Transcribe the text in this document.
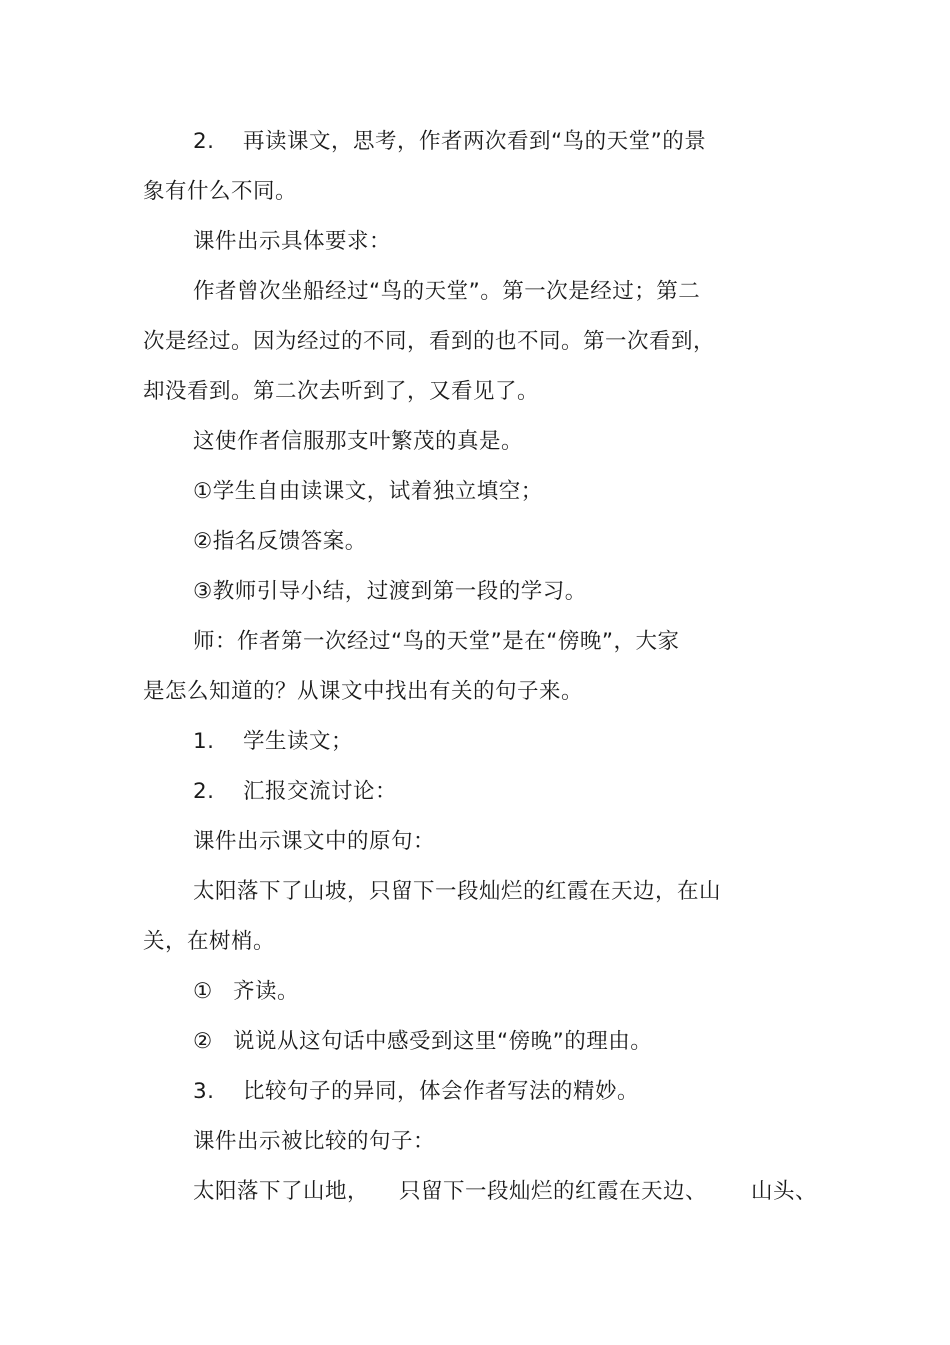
2. 再读课文，思考，作者两次看到“鸟的天堂”的景
象有什么不同。
课件出示具体要求：
作者曾次坐船经过“鸟的天堂”。第一次是经过；第二
次是经过。因为经过的不同，看到的也不同。第一次看到，
却没看到。第二次去听到了，又看见了。
这使作者信服那支叶繁茂的真是。
①学生自由读课文，试着独立填空；
②指名反馈答案。
③教师引导小结，过渡到第一段的学习。
师：作者第一次经过“鸟的天堂”是在“傍晚”，大家
是怎么知道的？从课文中找出有关的句子来。
1. 学生读文；
2. 汇报交流讨论：
课件出示课文中的原句：
太阳落下了山坡，只留下一段灿烂的红霞在天边，在山
关，在树梢。
① 齐读。
② 说说从这句话中感受到这里“傍晚”的理由。
3. 比较句子的异同，体会作者写法的精妙。
课件出示被比较的句子：
太阳落下了山地， 只留下一段灿烂的红霞在天边、 山头、
